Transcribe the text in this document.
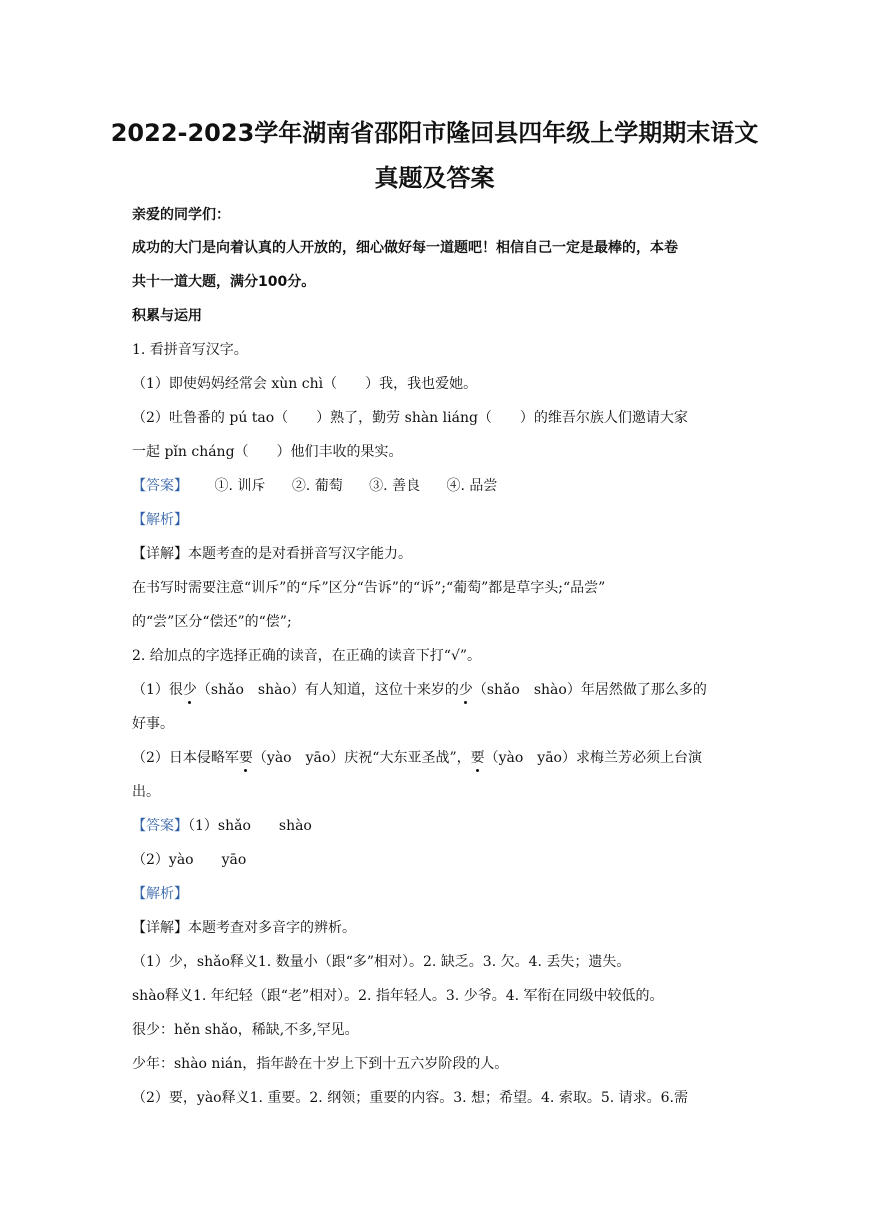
2022-2023学年湖南省邵阳市隆回县四年级上学期期末语文
真题及答案
亲爱的同学们：
成功的大门是向着认真的人开放的，细心做好每一道题吧！相信自己一定是最棒的，本卷
共十一道大题，满分100分。
积累与运用
1. 看拼音写汉字。
（1）即使妈妈经常会 xùn chì（　　）我，我也爱她。
（2）吐鲁番的 pú tao（　　）熟了，勤劳 shàn liáng（　　）的维吾尔族人们邀请大家
一起 pǐn cháng（　　）他们丰收的果实。
【答案】 ①. 训斥 ②. 葡萄 ③. 善良 ④. 品尝
【解析】
【详解】本题考查的是对看拼音写汉字能力。
在书写时需要注意“训斥”的“斥”区分“告诉”的“诉”;“葡萄”都是草字头;“品尝”
的“尝”区分“偿还”的“偿”;
2. 给加点的字选择正确的读音，在正确的读音下打“√”。
（1）很少（shǎo　shào）有人知道，这位十来岁的少（shǎo　shào）年居然做了那么多的
好事。
（2）日本侵略军要（yào　yāo）庆祝“大东亚圣战”，要（yào　yāo）求梅兰芳必须上台演
出。
【答案】（1）shǎo　　shào
（2）yào　　yāo
【解析】
【详解】本题考查对多音字的辨析。
（1）少，shǎo释义1. 数量小（跟“多”相对）。2. 缺乏。3. 欠。4. 丢失；遗失。
shào释义1. 年纪轻（跟“老”相对）。2. 指年轻人。3. 少爷。4. 军衔在同级中较低的。
很少：hěn shǎo，稀缺,不多,罕见。
少年：shào nián，指年龄在十岁上下到十五六岁阶段的人。
（2）要，yào释义1. 重要。2. 纲领；重要的内容。3. 想；希望。4. 索取。5. 请求。6.需
